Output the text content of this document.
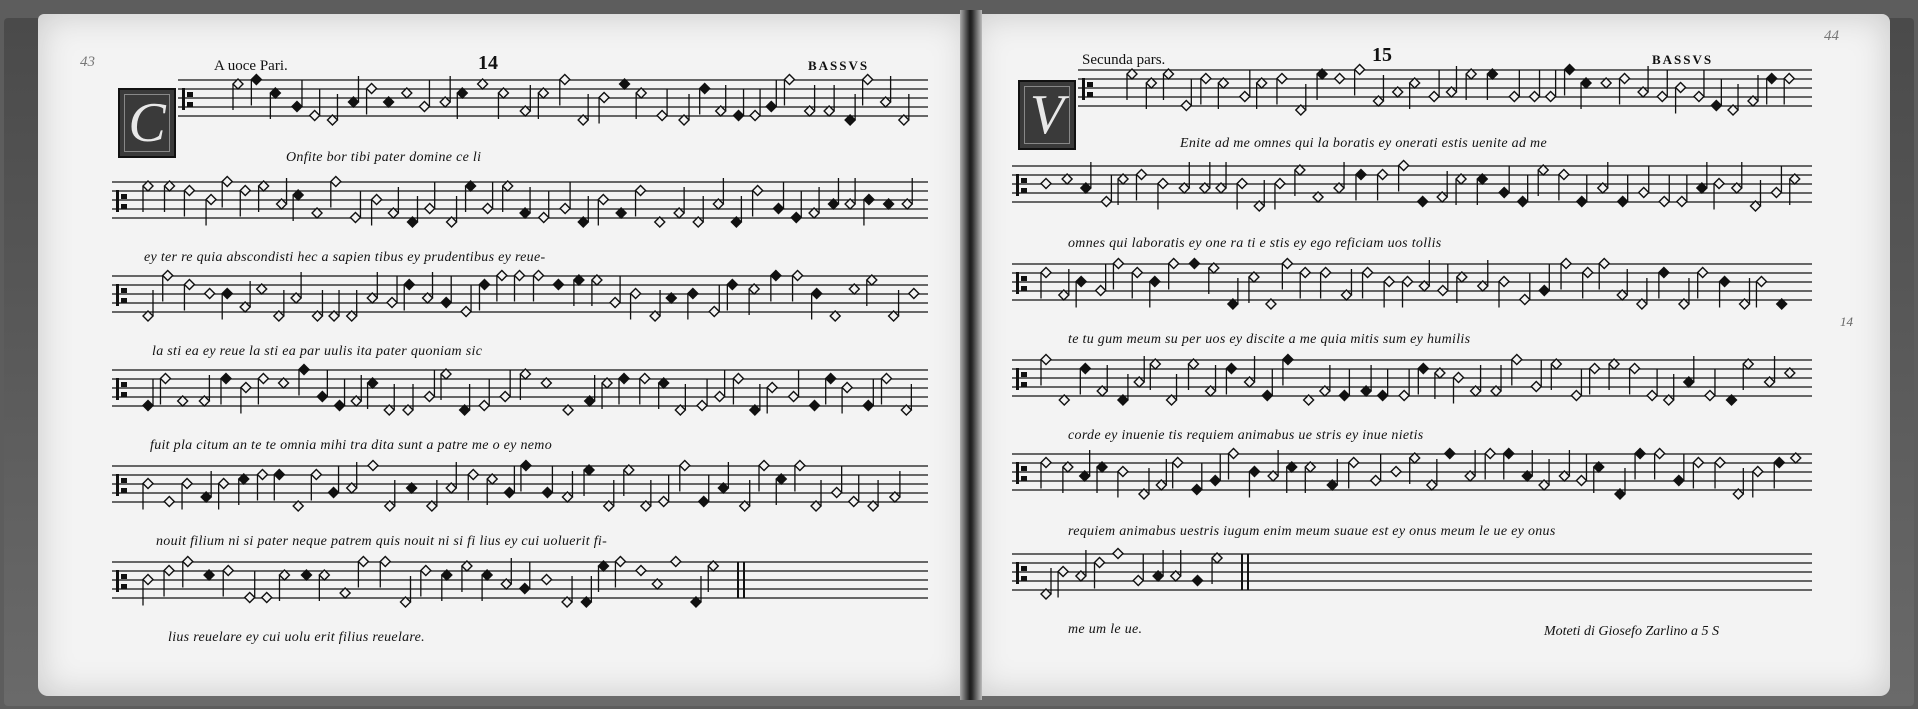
43	A uoce Pari.	14	BASSVS
C
Onfite bor tibi pater domine ce li
ey ter re quia abscondisti hec a sapien tibus ey prudentibus ey reue-
la sti ea ey reue la sti ea par uulis ita pater quoniam sic
fuit pla citum an te te omnia mihi tra dita sunt a patre me o ey nemo
nouit filium ni si pater neque patrem quis nouit ni si fi lius ey cui uoluerit fi-
lius reuelare ey cui uolu erit filius reuelare.
44
Secunda pars.	15	BASSVS
14
V	Enite ad me omnes qui la boratis ey onerati estis uenite ad me
omnes qui laboratis ey one ra ti e stis ey ego reficiam uos tollis
te tu gum meum su per uos ey discite a me quia mitis sum ey humilis
corde ey inuenie tis requiem animabus ue stris ey inue nietis
requiem animabus uestris iugum enim meum suaue est ey onus meum le ue ey onus
me um le ue.	Moteti di Giosefo Zarlino a 5 S
